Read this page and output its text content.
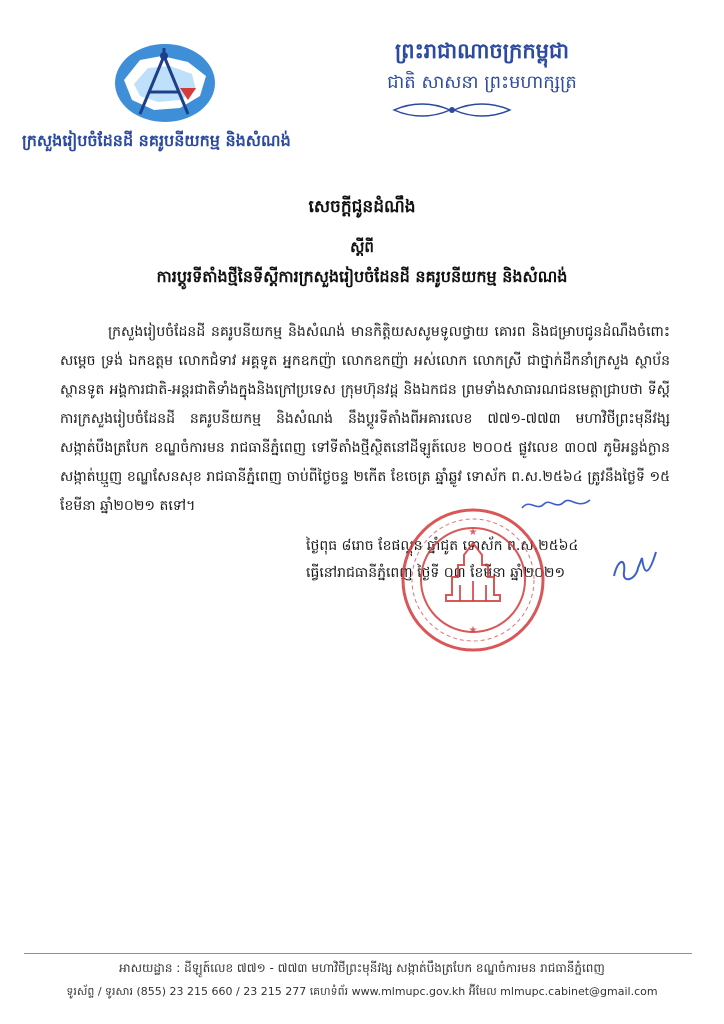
ក្រសួងរៀបចំដែនដី នគរូបនីយកម្ម និងសំណង់
ព្រះរាជាណាចក្រកម្ពុជា
ជាតិ សាសនា ព្រះមហាក្សត្រ
សេចក្តីជូនដំណឹង
ស្តីពី
ការប្តូរទីតាំងថ្មីនៃទីស្តីការក្រសួងរៀបចំដែនដី នគរូបនីយកម្ម និងសំណង់
ក្រសួងរៀបចំដែនដី នគរូបនីយកម្ម និងសំណង់ មានកិត្តិយសសូមទូលថ្វាយ គោរព និងជម្រាបជូនដំណឹងចំពោះ សម្តេច ទ្រង់ ឯកឧត្តម លោកជំទាវ អគ្គទូត អ្នកឧកញ៉ា លោកឧកញ៉ា អស់លោក លោកស្រី ជាថ្នាក់ដឹកនាំក្រសួង ស្ថាប័ន ស្ថានទូត អង្គការជាតិ-អន្តរជាតិទាំងក្នុងនិងក្រៅប្រទេស ក្រុមហ៊ុនវដ្ត និងឯកជន ព្រមទាំងសាធារណជនមេត្តាជ្រាបថា ទីស្តីការក្រសួងរៀបចំដែនដី នគរូបនីយកម្ម និងសំណង់ នឹងប្តូរទីតាំងពីអគារលេខ ៧៧១-៧៧៣ មហាវិថីព្រះមុនីវង្ស សង្កាត់បឹងត្របែក ខណ្ឌចំការមន រាជធានីភ្នំពេញ ទៅទីតាំងថ្មីស្ថិតនៅដីឡូត៍លេខ ២០០៥ ផ្លូវលេខ ៣០៧ ភូមិអន្លង់ក្ងាន សង្កាត់ឃ្មួញ ខណ្ឌសែនសុខ រាជធានីភ្នំពេញ ចាប់ពីថ្ងៃចន្ទ ២កើត ខែចេត្រ ឆ្នាំឆ្លូវ ទោស័ក ព.ស.២៥៦៤ ត្រូវនឹងថ្ងៃទី ១៥ ខែមីនា ឆ្នាំ២០២១ តទៅ។
ថ្ងៃពុធ ៨រោច ខែផល្គុន ឆ្នាំជូត ទោស័ក ព.ស.២៥៦៤
ធ្វើនៅរាជធានីភ្នំពេញ ថ្ងៃទី ០៣ ខែមីនា ឆ្នាំ២០២១
★
★
អាសយដ្ឋាន : ដីឡូត៍លេខ ៧៧១ - ៧៧៣ មហាវិថីព្រះមុនីវង្ស សង្កាត់បឹងត្របែក ខណ្ឌចំការមន រាជធានីភ្នំពេញ
ទូរស័ព្ទ / ទូរសារ (855) 23 215 660 / 23 215 277 គេហទំព័រ www.mlmupc.gov.kh អ៊ីមែល mlmupc.cabinet@gmail.com
